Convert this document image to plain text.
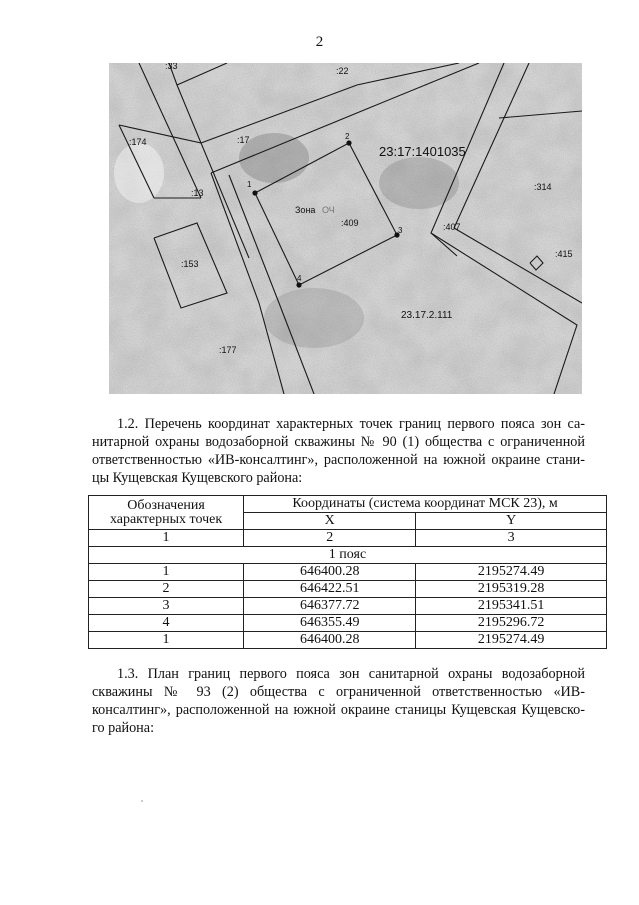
2
:33	:22
:174	:17
23:17:1401035
:13
Зона ОЧ
:409
:314
:407
:415
:153
23.17.2.111
:177
1
2
3
4

1.2. Перечень координат характерных точек границ первого пояса зон са-
нитарной охраны водозаборной скважины № 90 (1) общества с ограниченной
ответственностью «ИВ-консалтинг», расположенной на южной окраине стани-
цы Кущевская Кущевского района:

Обозначения характерных точек	Координаты (система координат МСК 23), м	
	X	Y
1	2	3
1 пояс		
1	646400.28	2195274.49
2	646422.51	2195319.28
3	646377.72	2195341.51
4	646355.49	2195296.72
1	646400.28	2195274.49

1.3. План границ первого пояса зон санитарной охраны водозаборной
скважины № 93 (2) общества с ограниченной ответственностью «ИВ-
консалтинг», расположенной на южной окраине станицы Кущевская Кущевско-
го района:
